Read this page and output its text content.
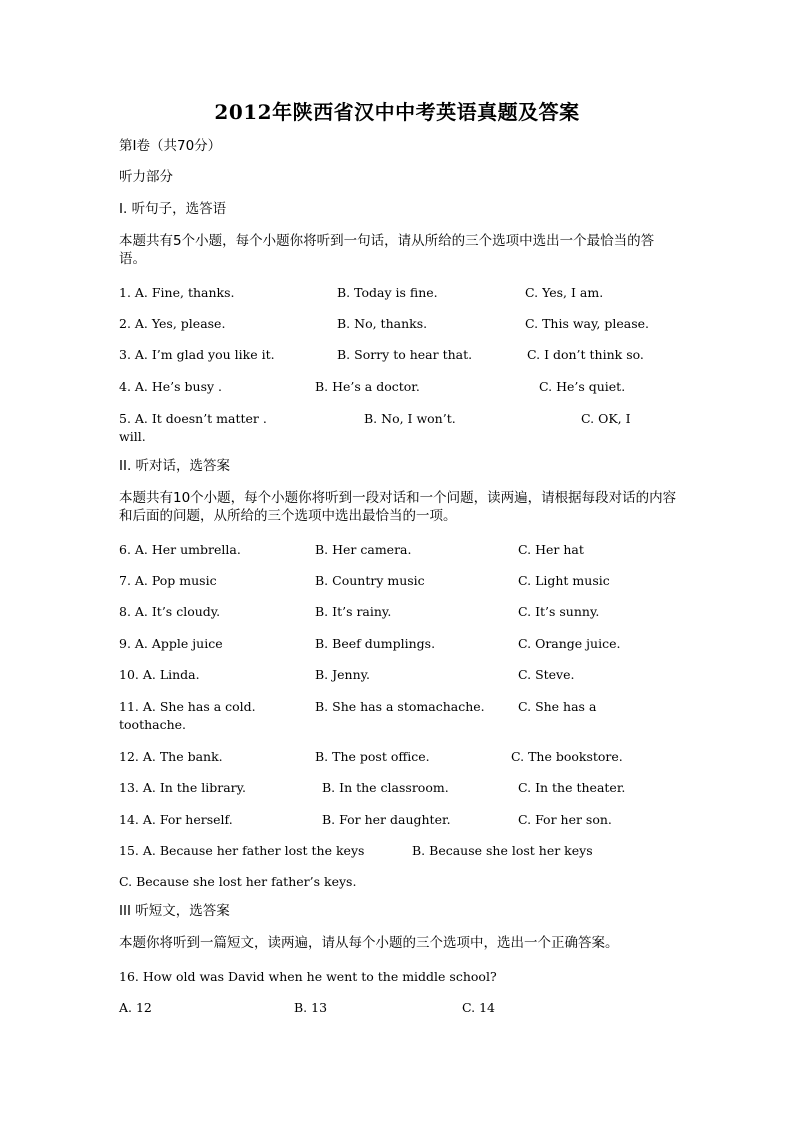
2012年陕西省汉中中考英语真题及答案
第I卷（共70分）
听力部分
I. 听句子，选答语
本题共有5个小题，每个小题你将听到一句话，请从所给的三个选项中选出一个最恰当的答语。
1. A. Fine, thanks.	B. Today is fine.	C. Yes, I am.
2. A. Yes, please.	B. No, thanks.	C. This way, please.
3. A. I’m glad you like it.	B. Sorry to hear that.	C. I don’t think so.
4. A. He’s busy .	B. He’s a doctor.	C. He’s quiet.
5. A. It doesn’t matter .	B. No, I won’t.	C. OK, I
will.
II. 听对话，选答案
本题共有10个小题，每个小题你将听到一段对话和一个问题，读两遍，请根据每段对话的内容和后面的问题，从所给的三个选项中选出最恰当的一项。
6. A. Her umbrella.	B. Her camera.	C. Her hat
7. A. Pop music	B. Country music	C. Light music
8. A. It’s cloudy.	B. It’s rainy.	C. It’s sunny.
9. A. Apple juice	B. Beef dumplings.	C. Orange juice.
10. A. Linda.	B. Jenny.	C. Steve.
11. A. She has a cold.	B. She has a stomachache.	C. She has a
toothache.
12. A. The bank.	B. The post office.	C. The bookstore.
13. A. In the library.	B. In the classroom.	C. In the theater.
14. A. For herself.	B. For her daughter.	C. For her son.
15. A. Because her father lost the keys	B. Because she lost her keys
C. Because she lost her father’s keys.
III 听短文，选答案
本题你将听到一篇短文，读两遍，请从每个小题的三个选项中，选出一个正确答案。
16. How old was David when he went to the middle school?
A. 12	B. 13	C. 14
